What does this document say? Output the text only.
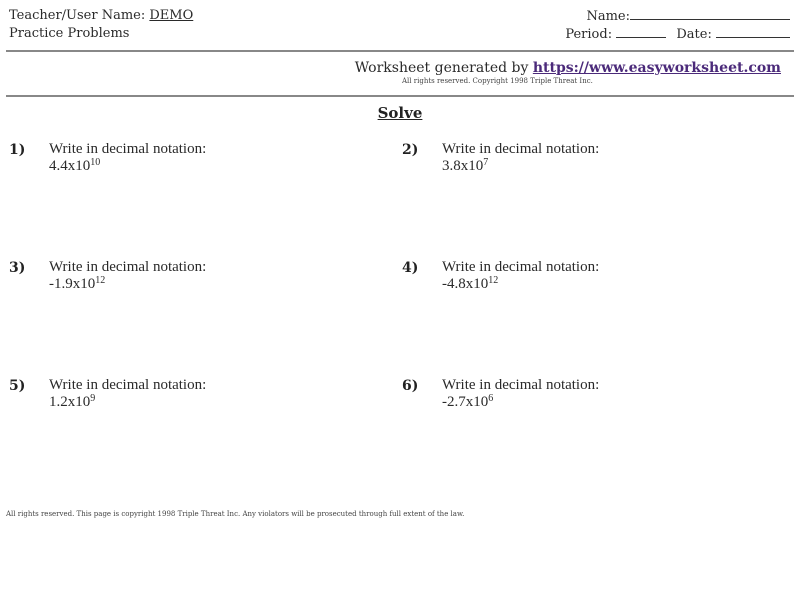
Teacher/User Name: DEMO
Practice Problems
Name:
Period:	Date:
Worksheet generated by https://www.easyworksheet.com
All rights reserved. Copyright 1998 Triple Threat Inc.
Solve
1) Write in decimal notation:
$4.4x10^{10}$
2) Write in decimal notation:
$3.8x10^7$
3) Write in decimal notation:
$-1.9x10^{12}$
4) Write in decimal notation:
$-4.8x10^{12}$
5) Write in decimal notation:
$1.2x10^9$
6) Write in decimal notation:
$-2.7x10^6$
All rights reserved. This page is copyright 1998 Triple Threat Inc. Any violators will be prosecuted through full extent of the law.
